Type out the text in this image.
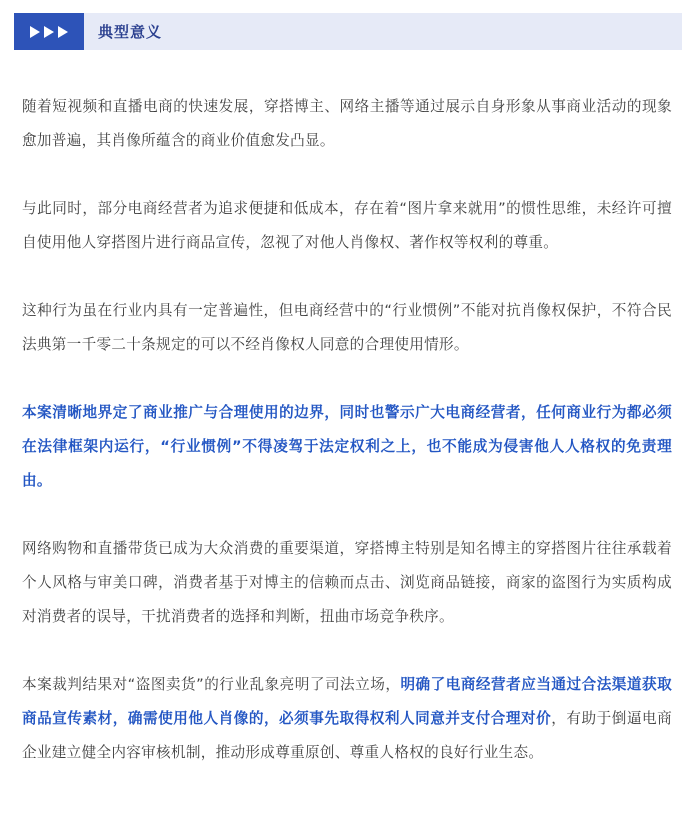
典型意义

随着短视频和直播电商的快速发展，穿搭博主、网络主播等通过展示自身形象从事商业活动的现象愈加普遍，其肖像所蕴含的商业价值愈发凸显。

与此同时，部分电商经营者为追求便捷和低成本，存在着“图片拿来就用”的惯性思维，未经许可擅自使用他人穿搭图片进行商品宣传，忽视了对他人肖像权、著作权等权利的尊重。

这种行为虽在行业内具有一定普遍性，但电商经营中的“行业惯例”不能对抗肖像权保护，不符合民法典第一千零二十条规定的可以不经肖像权人同意的合理使用情形。

本案清晰地界定了商业推广与合理使用的边界，同时也警示广大电商经营者，任何商业行为都必须在法律框架内运行，“行业惯例”不得凌驾于法定权利之上，也不能成为侵害他人人格权的免责理由。

网络购物和直播带货已成为大众消费的重要渠道，穿搭博主特别是知名博主的穿搭图片往往承载着个人风格与审美口碑，消费者基于对博主的信赖而点击、浏览商品链接，商家的盗图行为实质构成对消费者的误导，干扰消费者的选择和判断，扭曲市场竞争秩序。

本案裁判结果对“盗图卖货”的行业乱象亮明了司法立场，明确了电商经营者应当通过合法渠道获取商品宣传素材，确需使用他人肖像的，必须事先取得权利人同意并支付合理对价，有助于倒逼电商企业建立健全内容审核机制，推动形成尊重原创、尊重人格权的良好行业生态。
